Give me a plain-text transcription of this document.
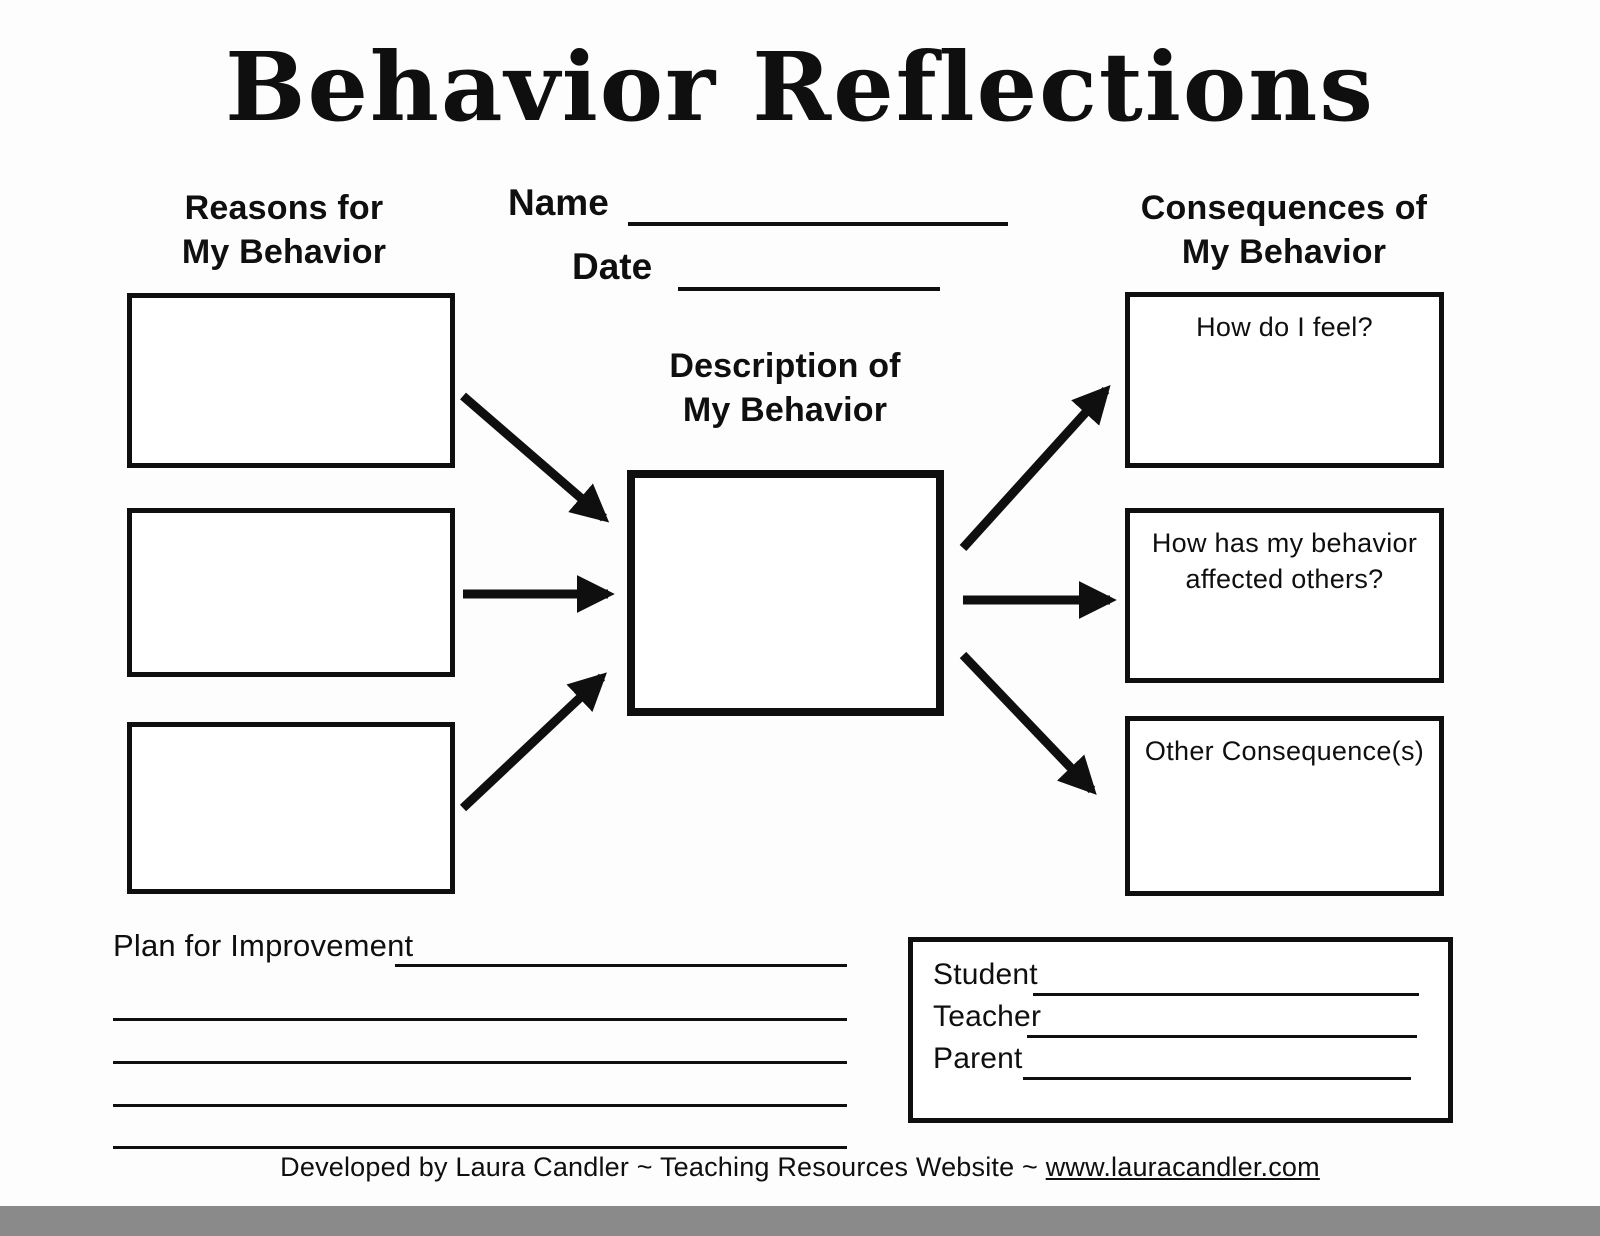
Behavior Reflections
Reasons for
My Behavior
Name
Date
Consequences of
My Behavior
Description of
My Behavior
How do I feel?
How has my behavior affected others?
Other Consequence(s)
Plan for Improvement
Student
Teacher
Parent
Developed by Laura Candler ~ Teaching Resources Website ~ www.lauracandler.com
